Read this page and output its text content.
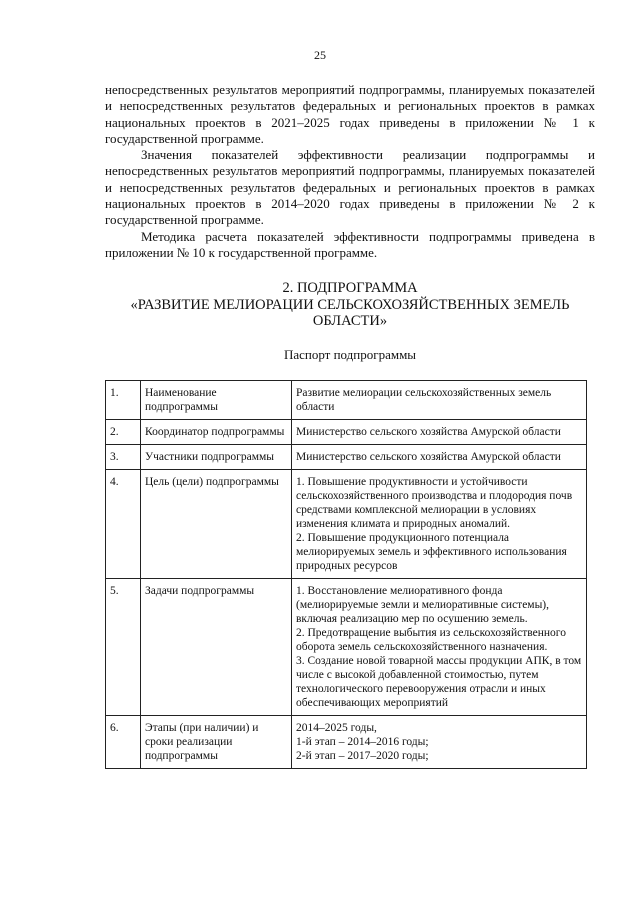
25

непосредственных результатов мероприятий подпрограммы, планируемых показателей и непосредственных результатов федеральных и региональных проектов в рамках национальных проектов в 2021–2025 годах приведены в приложении № 1 к государственной программе.

Значения показателей эффективности реализации подпрограммы и непосредственных результатов мероприятий подпрограммы, планируемых показателей и непосредственных результатов федеральных и региональных проектов в рамках национальных проектов в 2014–2020 годах приведены в приложении № 2 к государственной программе.

Методика расчета показателей эффективности подпрограммы приведена в приложении № 10 к государственной программе.

2. ПОДПРОГРАММА
«РАЗВИТИЕ МЕЛИОРАЦИИ СЕЛЬСКОХОЗЯЙСТВЕННЫХ ЗЕМЕЛЬ
ОБЛАСТИ»
Паспорт подпрограммы
1.	Наименование подпрограммы	Развитие мелиорации сельскохозяйственных земель области

2.	Координатор подпрограммы	Министерство сельского хозяйства Амурской области

3.	Участники подпрограммы	Министерство сельского хозяйства Амурской области

4.	Цель (цели) подпрограммы	1. Повышение продуктивности и устойчивости сельскохозяйственного производства и плодородия почв средствами комплексной мелиорации в условиях изменения климата и природных аномалий.
2. Повышение продукционного потенциала мелиорируемых земель и эффективного использования природных ресурсов

5.	Задачи подпрограммы	1. Восстановление мелиоративного фонда (мелиорируемые земли и мелиоративные системы), включая реализацию мер по осушению земель.
2. Предотвращение выбытия из сельскохозяйственного оборота земель сельскохозяйственного назначения.
3. Создание новой товарной массы продукции АПК, в том числе с высокой добавленной стоимостью, путем технологического перевооружения отрасли и иных обеспечивающих мероприятий

6.	Этапы (при наличии) и сроки реализации подпрограммы	2014–2025 годы,
1-й этап – 2014–2016 годы;
2-й этап – 2017–2020 годы;
